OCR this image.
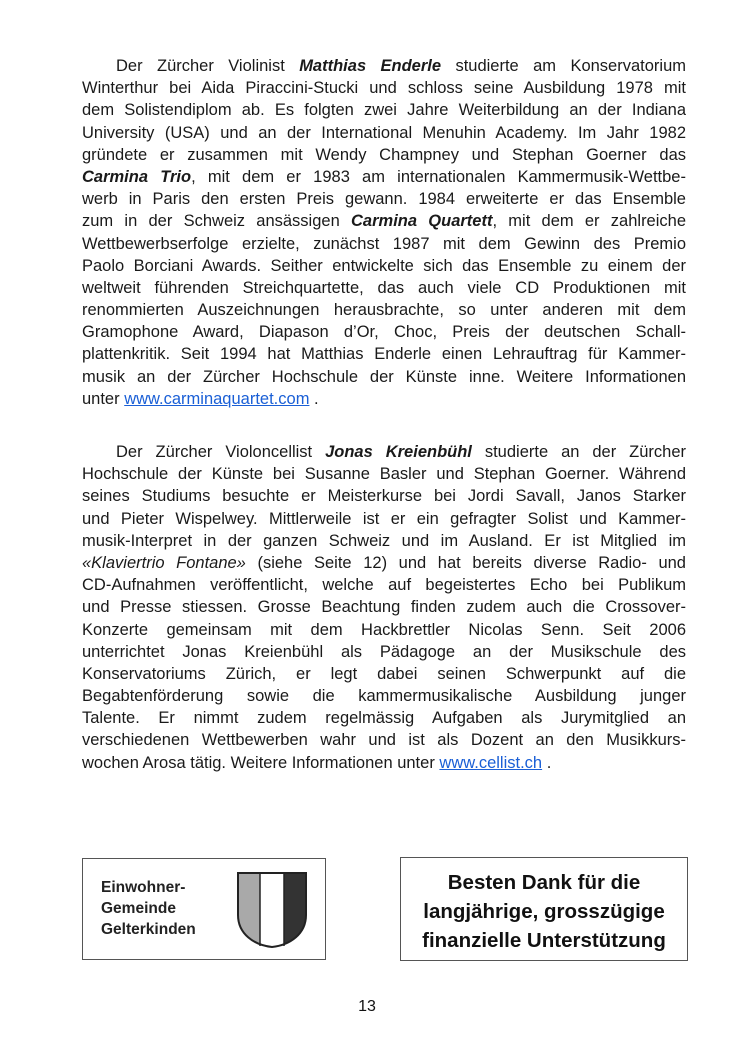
Der Zürcher Violinist Matthias Enderle studierte am Konservatorium
Winterthur bei Aida Piraccini-Stucki und schloss seine Ausbildung 1978 mit
dem Solistendiplom ab. Es folgten zwei Jahre Weiterbildung an der Indiana
University (USA) und an der International Menuhin Academy. Im Jahr 1982
gründete er zusammen mit Wendy Champney und Stephan Goerner das
Carmina Trio, mit dem er 1983 am internationalen Kammermusik-Wettbe-
werb in Paris den ersten Preis gewann. 1984 erweiterte er das Ensemble
zum in der Schweiz ansässigen Carmina Quartett, mit dem er zahlreiche
Wettbewerbserfolge erzielte, zunächst 1987 mit dem Gewinn des Premio
Paolo Borciani Awards. Seither entwickelte sich das Ensemble zu einem der
weltweit führenden Streichquartette, das auch viele CD Produktionen mit
renommierten Auszeichnungen herausbrachte, so unter anderen mit dem
Gramophone Award, Diapason d’Or, Choc, Preis der deutschen Schall-
plattenkritik. Seit 1994 hat Matthias Enderle einen Lehrauftrag für Kammer-
musik an der Zürcher Hochschule der Künste inne. Weitere Informationen
unter www.carminaquartet.com .
Der Zürcher Violoncellist Jonas Kreienbühl studierte an der Zürcher
Hochschule der Künste bei Susanne Basler und Stephan Goerner. Während
seines Studiums besuchte er Meisterkurse bei Jordi Savall, Janos Starker
und Pieter Wispelwey. Mittlerweile ist er ein gefragter Solist und Kammer-
musik-Interpret in der ganzen Schweiz und im Ausland. Er ist Mitglied im
«Klaviertrio Fontane» (siehe Seite 12) und hat bereits diverse Radio- und
CD-Aufnahmen veröffentlicht, welche auf begeistertes Echo bei Publikum
und Presse stiessen. Grosse Beachtung finden zudem auch die Crossover-
Konzerte gemeinsam mit dem Hackbrettler Nicolas Senn. Seit 2006
unterrichtet Jonas Kreienbühl als Pädagoge an der Musikschule des
Konservatoriums Zürich, er legt dabei seinen Schwerpunkt auf die
Begabtenförderung sowie die kammermusikalische Ausbildung junger
Talente. Er nimmt zudem regelmässig Aufgaben als Jurymitglied an
verschiedenen Wettbewerben wahr und ist als Dozent an den Musikkurs-
wochen Arosa tätig. Weitere Informationen unter www.cellist.ch .
Einwohner-
Gemeinde
Gelterkinden
Besten Dank für die
langjährige, grosszügige
finanzielle Unterstützung
13
